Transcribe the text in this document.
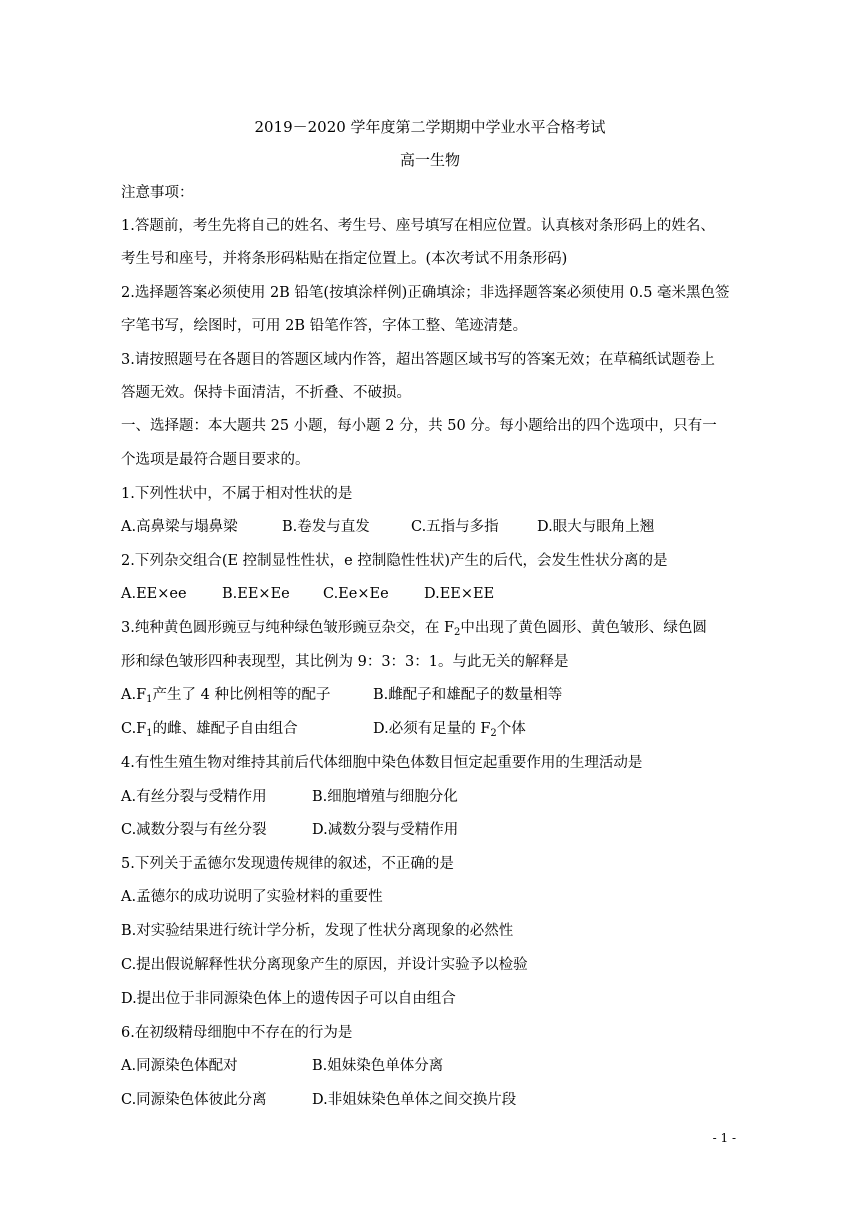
2019－2020 学年度第二学期期中学业水平合格考试
高一生物
注意事项：
1.答题前，考生先将自己的姓名、考生号、座号填写在相应位置。认真核对条形码上的姓名、
考生号和座号，并将条形码粘贴在指定位置上。(本次考试不用条形码)
2.选择题答案必须使用 2B 铅笔(按填涂样例)正确填涂；非选择题答案必须使用 0.5 毫米黑色签
字笔书写，绘图时，可用 2B 铅笔作答，字体工整、笔迹清楚。
3.请按照题号在各题目的答题区域内作答，超出答题区域书写的答案无效；在草稿纸试题卷上
答题无效。保持卡面清洁，不折叠、不破损。
一、选择题：本大题共 25 小题，每小题 2 分，共 50 分。每小题给出的四个选项中，只有一
个选项是最符合题目要求的。
1.下列性状中，不属于相对性状的是
A.高鼻梁与塌鼻梁	B.卷发与直发	C.五指与多指	D.眼大与眼角上翘
2.下列杂交组合(E 控制显性性状，e 控制隐性性状)产生的后代，会发生性状分离的是
A.EE×ee B.EE×Ee C.Ee×Ee D.EE×EE
3.纯种黄色圆形豌豆与纯种绿色皱形豌豆杂交，在 $F_2$中出现了黄色圆形、黄色皱形、绿色圆
形和绿色皱形四种表现型，其比例为 9：3：3：1。与此无关的解释是
$A.F_1$产生了 4 种比例相等的配子	B.雌配子和雄配子的数量相等
$C.F_1$的雌、雄配子自由组合	D.必须有足量的 $F_2$个体
4.有性生殖生物对维持其前后代体细胞中染色体数目恒定起重要作用的生理活动是
A.有丝分裂与受精作用	B.细胞增殖与细胞分化
C.减数分裂与有丝分裂	D.减数分裂与受精作用
5.下列关于孟德尔发现遗传规律的叙述，不正确的是
A.孟德尔的成功说明了实验材料的重要性
B.对实验结果进行统计学分析，发现了性状分离现象的必然性
C.提出假说解释性状分离现象产生的原因，并设计实验予以检验
D.提出位于非同源染色体上的遗传因子可以自由组合
6.在初级精母细胞中不存在的行为是
A.同源染色体配对	B.姐妹染色单体分离
C.同源染色体彼此分离	D.非姐妹染色单体之间交换片段
- 1 -
